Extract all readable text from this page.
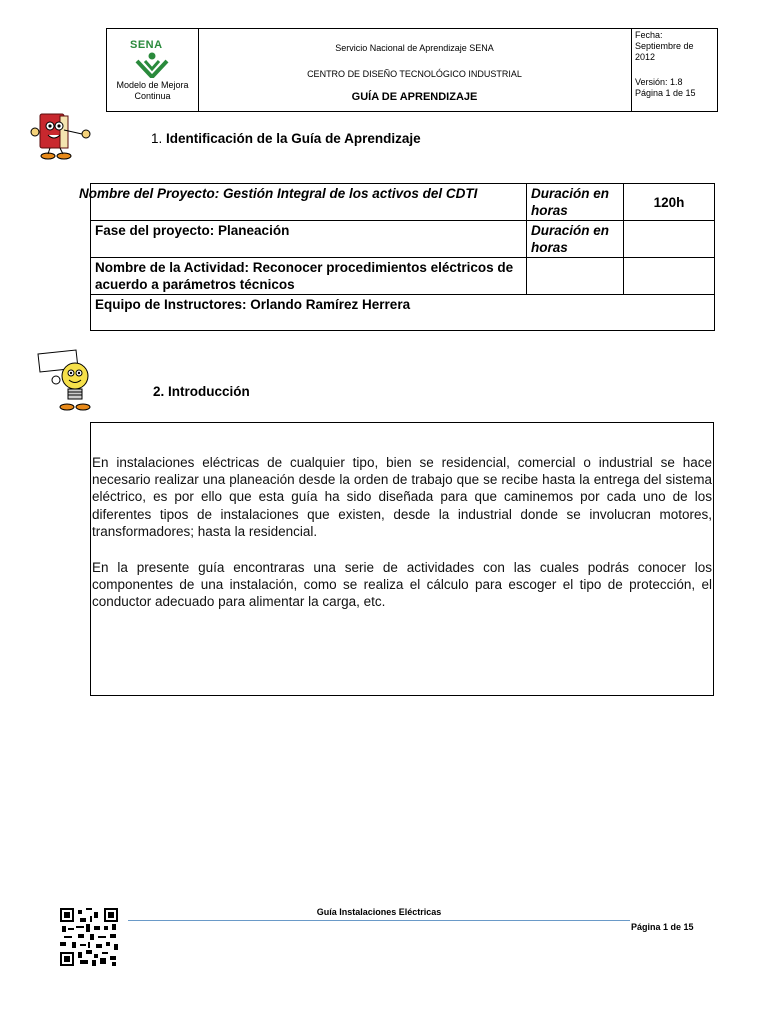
SENA
Modelo de Mejora
Continua
Servicio Nacional de Aprendizaje SENA
CENTRO DE DISEÑO TECNOLÓGICO INDUSTRIAL
GUÍA DE APRENDIZAJE
Fecha:
Septiembre de
2012
Versión: 1.8
Página 1 de 15
1. Identificación de la Guía de Aprendizaje
Nombre del Proyecto: Gestión Integral de los activos del CDTI	Duración en horas	120h
Fase del proyecto: Planeación	Duración en horas	
Nombre de la Actividad: Reconocer procedimientos eléctricos de acuerdo a parámetros técnicos		
Equipo de Instructores: Orlando Ramírez Herrera		
2. Introducción

En instalaciones eléctricas de cualquier tipo, bien se residencial, comercial o industrial se hace necesario realizar una planeación desde la orden de trabajo que se recibe hasta la entrega del sistema eléctrico, es por ello que esta guía ha sido diseñada para que caminemos por cada uno de los diferentes tipos de instalaciones que existen, desde la industrial donde se involucran motores, transformadores; hasta la residencial.

En la presente guía encontraras una serie de actividades con las cuales podrás conocer los componentes de una instalación, como se realiza el cálculo para escoger el tipo de protección, el conductor adecuado para alimentar la carga, etc.

Guía Instalaciones Eléctricas
Página 1 de 15
